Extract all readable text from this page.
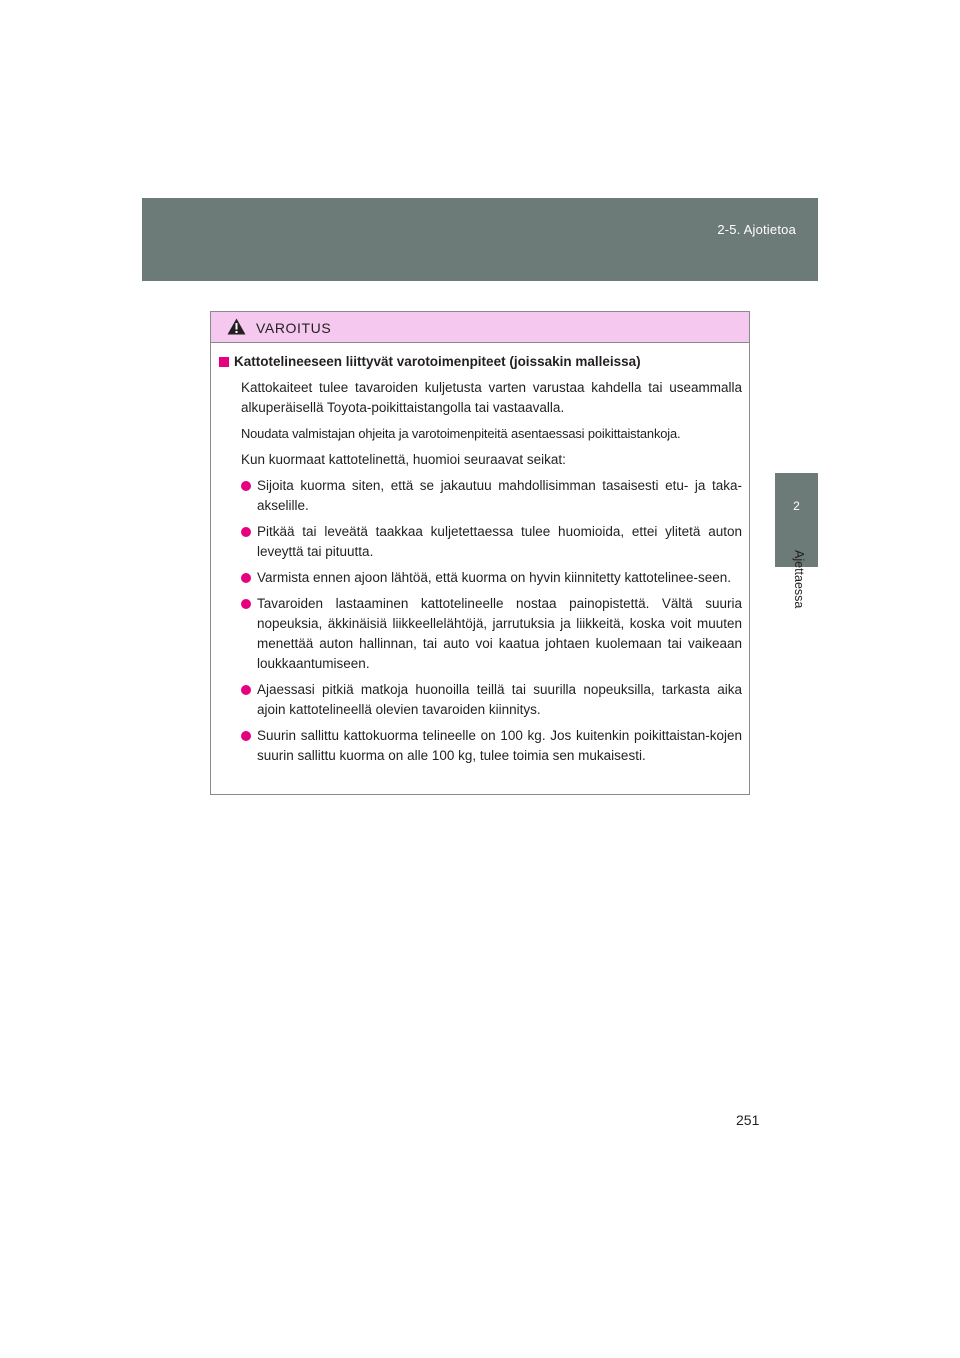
2-5. Ajotietoa
2
Ajettaessa
VAROITUS
Kattotelineeseen liittyvät varotoimenpiteet (joissakin malleissa)

Kattokaiteet tulee tavaroiden kuljetusta varten varustaa kahdella tai useammalla alkuperäisellä Toyota-poikittaistangolla tai vastaavalla.

Noudata valmistajan ohjeita ja varotoimenpiteitä asentaessasi poikittaistankoja.

Kun kuormaat kattotelinettä, huomioi seuraavat seikat:

Sijoita kuorma siten, että se jakautuu mahdollisimman tasaisesti etu- ja taka-akselille.
Pitkää tai leveätä taakkaa kuljetettaessa tulee huomioida, ettei ylitetä auton leveyttä tai pituutta.
Varmista ennen ajoon lähtöä, että kuorma on hyvin kiinnitetty kattotelinee-seen.
Tavaroiden lastaaminen kattotelineelle nostaa painopistettä. Vältä suuria nopeuksia, äkkinäisiä liikkeellelähtöjä, jarrutuksia ja liikkeitä, koska voit muuten menettää auton hallinnan, tai auto voi kaatua johtaen kuolemaan tai vaikeaan loukkaantumiseen.
Ajaessasi pitkiä matkoja huonoilla teillä tai suurilla nopeuksilla, tarkasta aika ajoin kattotelineellä olevien tavaroiden kiinnitys.
Suurin sallittu kattokuorma telineelle on 100 kg. Jos kuitenkin poikittaistan-kojen suurin sallittu kuorma on alle 100 kg, tulee toimia sen mukaisesti.
251
